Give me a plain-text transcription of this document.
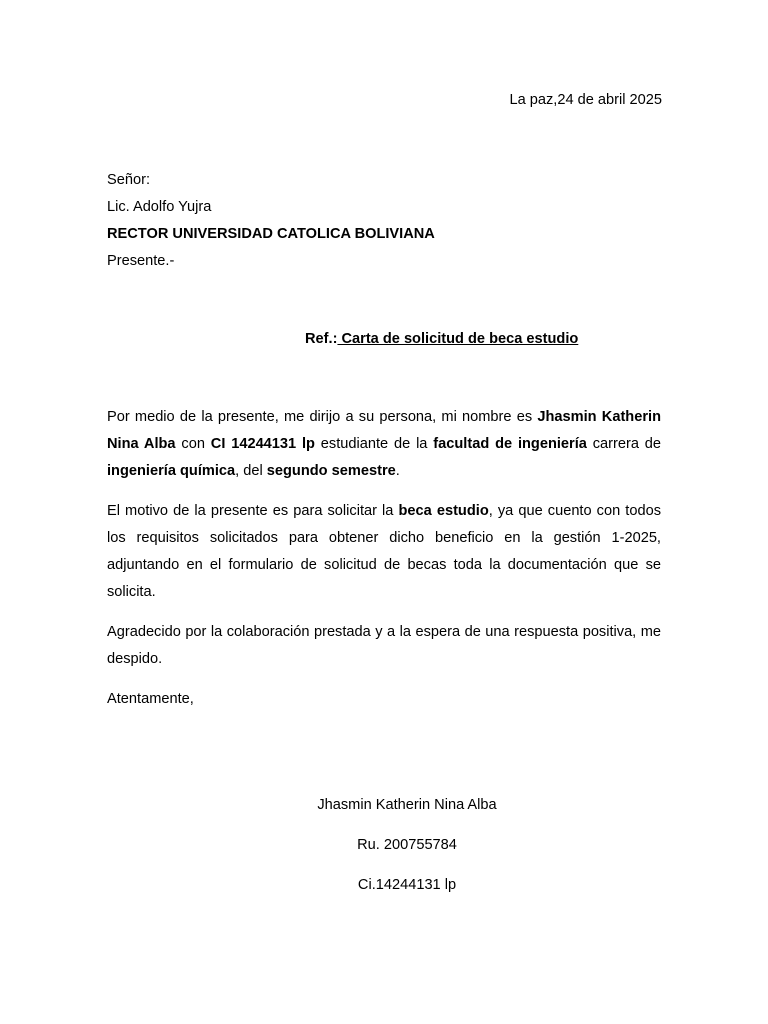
La paz,24 de abril 2025
Señor:
Lic. Adolfo Yujra
RECTOR UNIVERSIDAD CATOLICA BOLIVIANA
Presente.-
Ref.: Carta de solicitud de beca estudio
Por medio de la presente, me dirijo a su persona, mi nombre es Jhasmin Katherin Nina Alba con CI 14244131 lp estudiante de la facultad de ingeniería carrera de ingeniería química, del segundo semestre.
El motivo de la presente es para solicitar la beca estudio, ya que cuento con todos los requisitos solicitados para obtener dicho beneficio en la gestión 1-2025, adjuntando en el formulario de solicitud de becas toda la documentación que se solicita.
Agradecido por la colaboración prestada y a la espera de una respuesta positiva, me despido.
Atentamente,
Jhasmin Katherin Nina Alba
Ru. 200755784
Ci.14244131 lp
